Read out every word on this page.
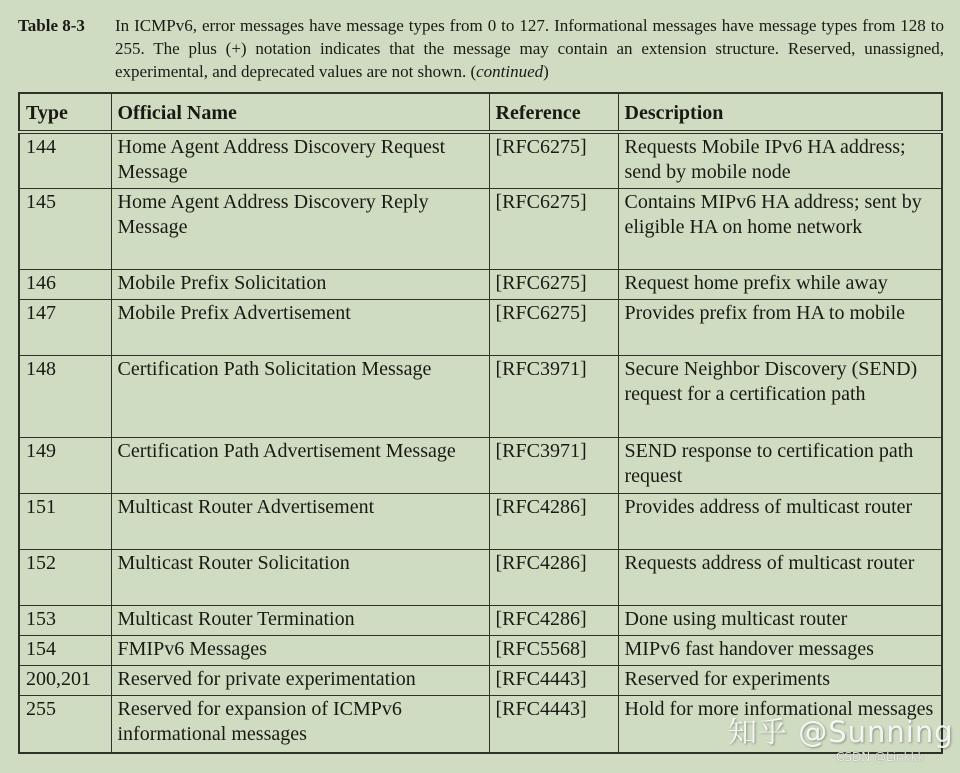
Table 8-3	In ICMPv6, error messages have message types from 0 to 127. Informational messages have message types from 128 to 255. The plus (+) notation indicates that the message may contain an extension structure. Reserved, unassigned, experimental, and deprecated values are not shown. (continued)
Type	Official Name	Reference	Description
144	Home Agent Address Discovery Request Message	[RFC6275]	Requests Mobile IPv6 HA address; send by mobile node
145	Home Agent Address Discovery Reply Message	[RFC6275]	Contains MIPv6 HA address; sent by eligible HA on home network
146	Mobile Prefix Solicitation	[RFC6275]	Request home prefix while away
147	Mobile Prefix Advertisement	[RFC6275]	Provides prefix from HA to mobile
148	Certification Path Solicitation Message	[RFC3971]	Secure Neighbor Discovery (SEND) request for a certification path
149	Certification Path Advertisement Message	[RFC3971]	SEND response to certification path request
151	Multicast Router Advertisement	[RFC4286]	Provides address of multicast router
152	Multicast Router Solicitation	[RFC4286]	Requests address of multicast router
153	Multicast Router Termination	[RFC4286]	Done using multicast router
154	FMIPv6 Messages	[RFC5568]	MIPv6 fast handover messages
200,201	Reserved for private experimentation	[RFC4443]	Reserved for experiments
255	Reserved for expansion of ICMPv6 informational messages	[RFC4443]	Hold for more informational messages
知乎 @Sunning
CSDN @Linkkk
